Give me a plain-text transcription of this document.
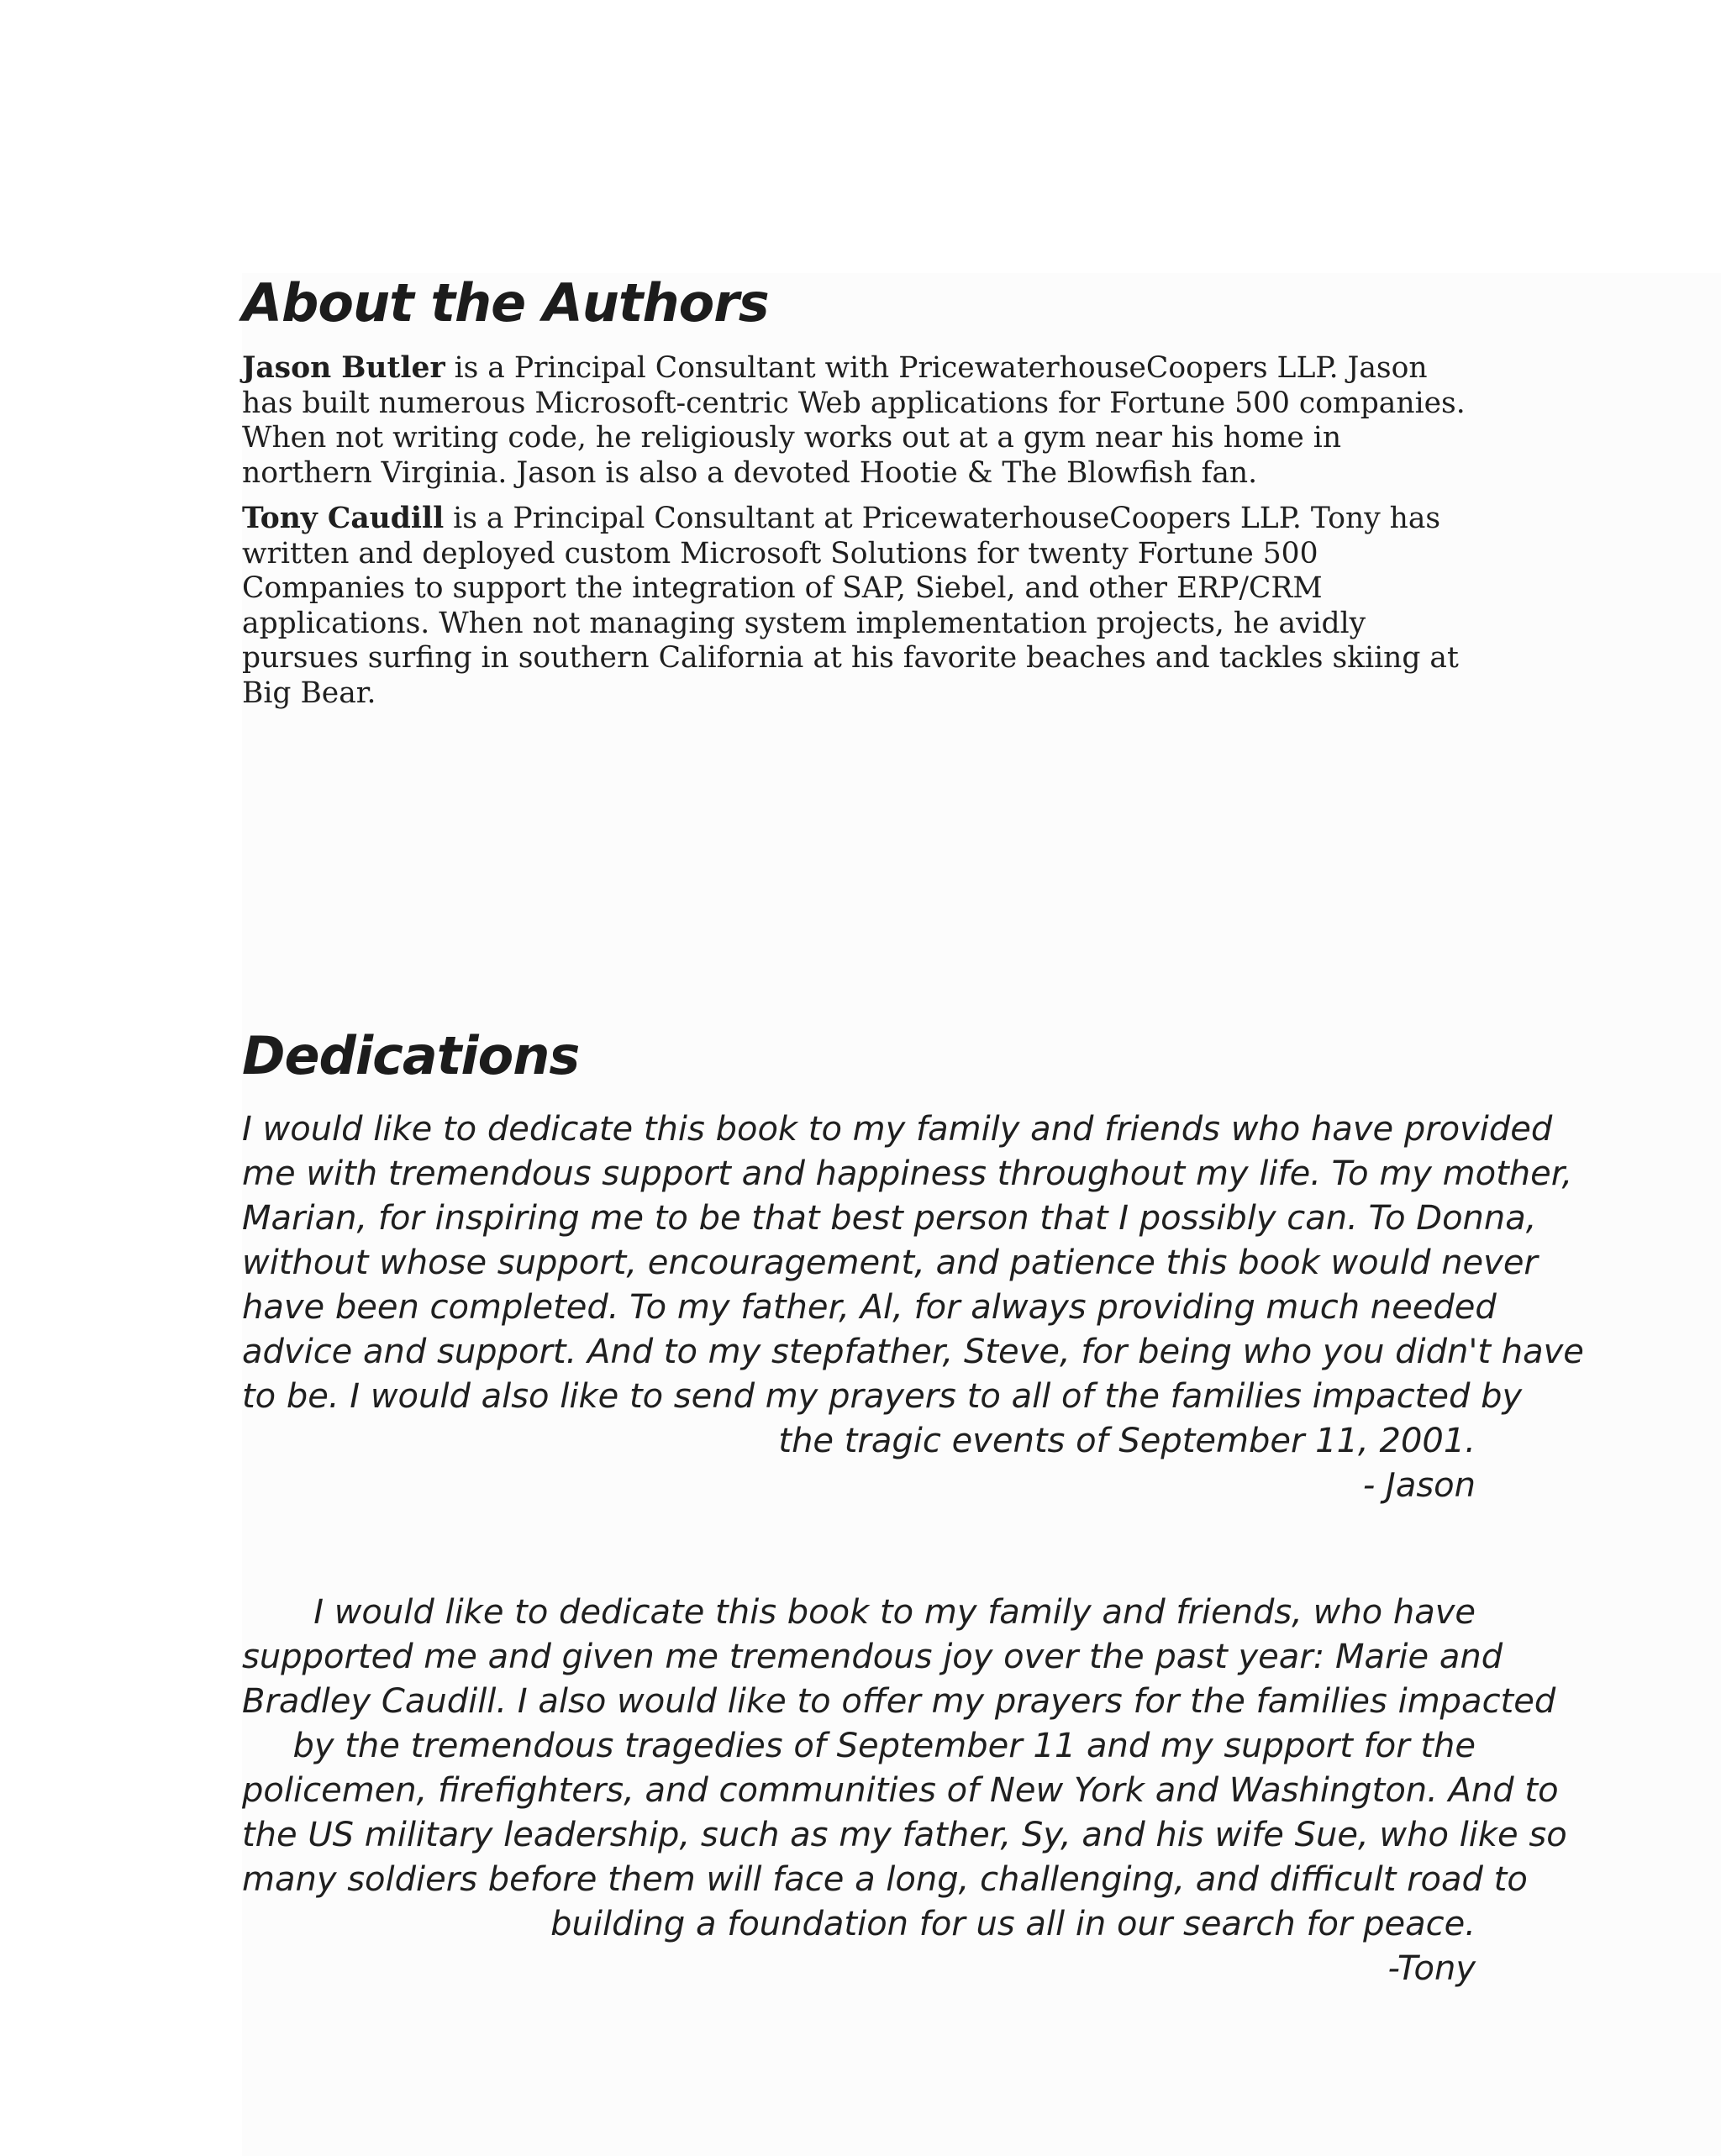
About the Authors

Jason Butler is a Principal Consultant with PricewaterhouseCoopers LLP. Jason has built numerous Microsoft-centric Web applications for Fortune 500 companies. When not writing code, he religiously works out at a gym near his home in northern Virginia. Jason is also a devoted Hootie & The Blowfish fan.

Tony Caudill is a Principal Consultant at PricewaterhouseCoopers LLP. Tony has written and deployed custom Microsoft Solutions for twenty Fortune 500 Companies to support the integration of SAP, Siebel, and other ERP/CRM applications. When not managing system implementation projects, he avidly pursues surfing in southern California at his favorite beaches and tackles skiing at Big Bear.

Dedications
I would like to dedicate this book to my family and friends who have provided
me with tremendous support and happiness throughout my life. To my mother,
Marian, for inspiring me to be that best person that I possibly can. To Donna,
without whose support, encouragement, and patience this book would never
have been completed. To my father, Al, for always providing much needed
advice and support. And to my stepfather, Steve, for being who you didn't have
to be. I would also like to send my prayers to all of the families impacted by
the tragic events of September 11, 2001.
- Jason
I would like to dedicate this book to my family and friends, who have
supported me and given me tremendous joy over the past year: Marie and
Bradley Caudill. I also would like to offer my prayers for the families impacted
by the tremendous tragedies of September 11 and my support for the
policemen, firefighters, and communities of New York and Washington. And to
the US military leadership, such as my father, Sy, and his wife Sue, who like so
many soldiers before them will face a long, challenging, and difficult road to
building a foundation for us all in our search for peace.
-Tony
